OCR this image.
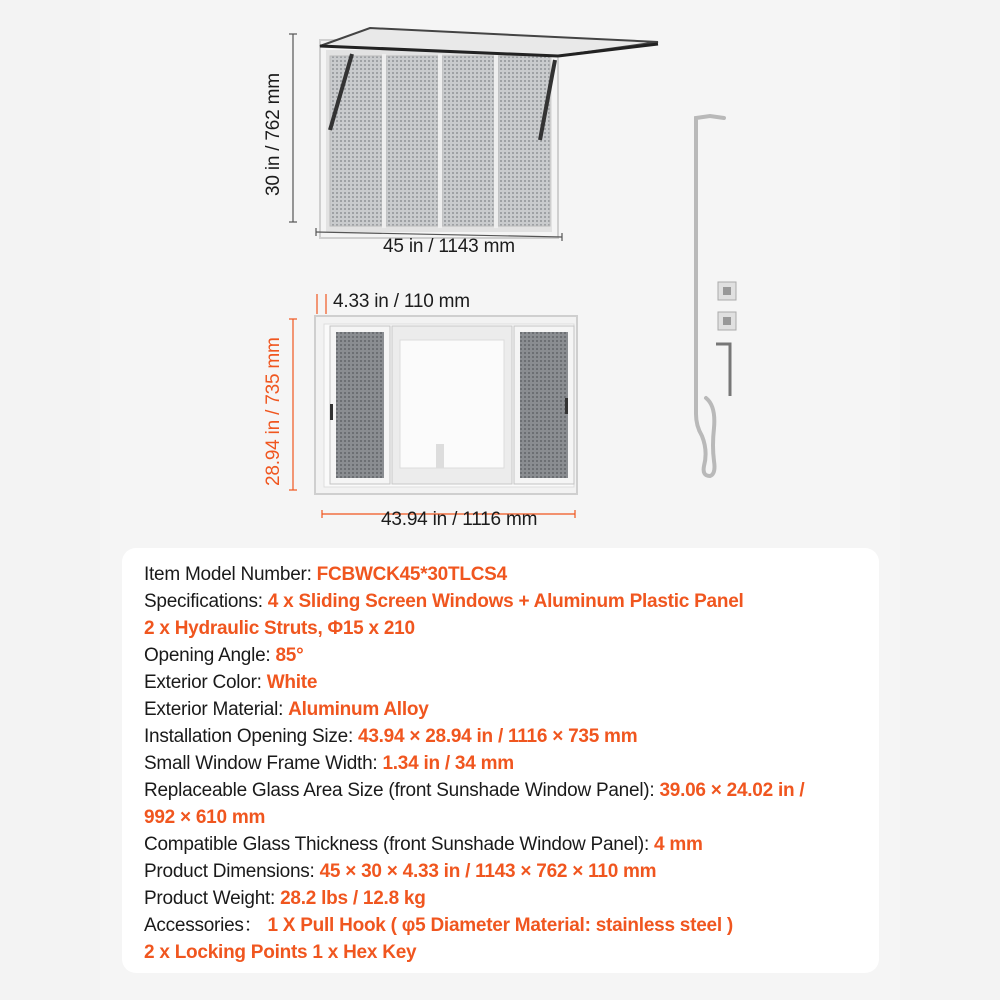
30 in / 762 mm
45 in / 1143 mm
4.33 in / 110 mm
28.94 in / 735 mm
43.94 in / 1116 mm
Item Model Number: FCBWCK45*30TLCS4
Specifications: 4 x Sliding Screen Windows + Aluminum Plastic Panel
2 x Hydraulic Struts, Φ15 x 210
Opening Angle: 85°
Exterior Color: White
Exterior Material: Aluminum Alloy
Installation Opening Size: 43.94 × 28.94 in / 1116 × 735 mm
Small Window Frame Width: 1.34 in / 34 mm
Replaceable Glass Area Size (front Sunshade Window Panel): 39.06 × 24.02 in /
992 × 610 mm
Compatible Glass Thickness (front Sunshade Window Panel): 4 mm
Product Dimensions: 45 × 30 × 4.33 in / 1143 × 762 × 110 mm
Product Weight: 28.2 lbs / 12.8 kg
Accessories： 1 X Pull Hook ( φ5 Diameter Material: stainless steel )
2 x Locking Points 1 x Hex Key
